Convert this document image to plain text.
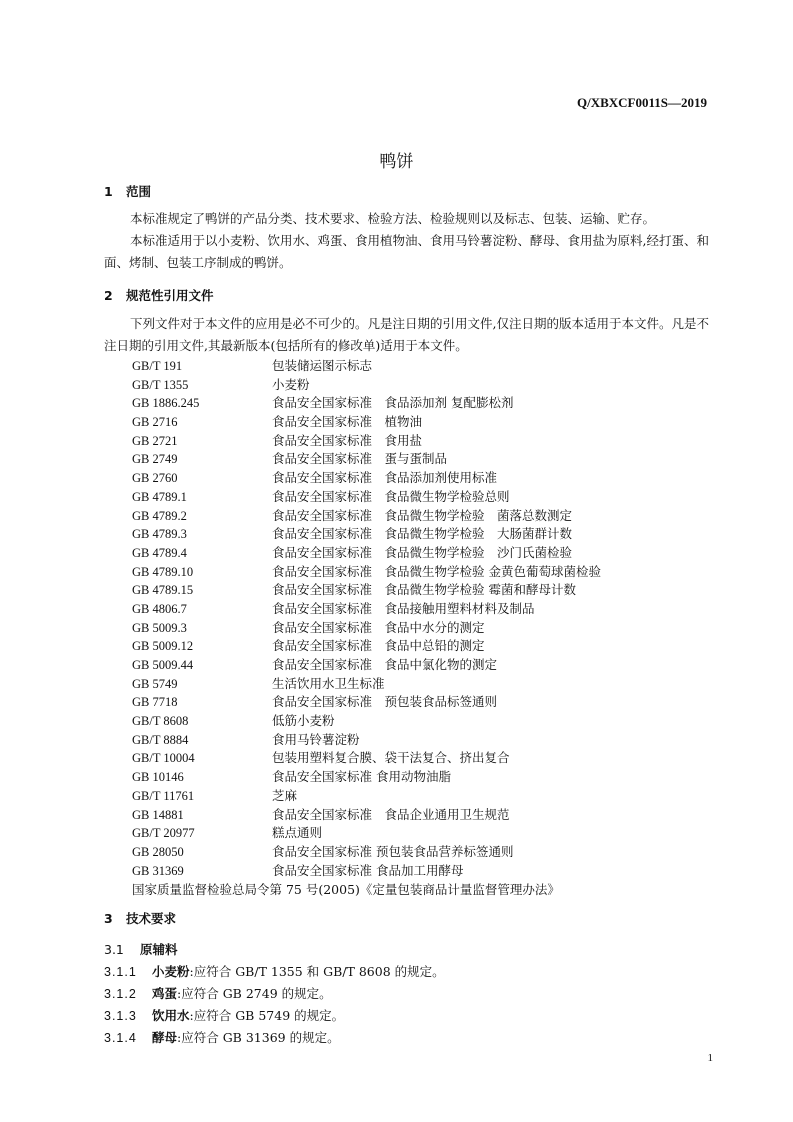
Q/XBXCF0011S—2019
鸭饼
1 范围
本标准规定了鸭饼的产品分类、技术要求、检验方法、检验规则以及标志、包装、运输、贮存。
本标准适用于以小麦粉、饮用水、鸡蛋、食用植物油、食用马铃薯淀粉、酵母、食用盐为原料,经打蛋、和面、烤制、包装工序制成的鸭饼。
2 规范性引用文件
下列文件对于本文件的应用是必不可少的。凡是注日期的引用文件,仅注日期的版本适用于本文件。凡是不注日期的引用文件,其最新版本(包括所有的修改单)适用于本文件。
GB/T 191	包装储运图示标志
GB/T 1355	小麦粉
GB 1886.245	食品安全国家标准　食品添加剂 复配膨松剂
GB 2716	食品安全国家标准　植物油
GB 2721	食品安全国家标准　食用盐
GB 2749	食品安全国家标准　蛋与蛋制品
GB 2760	食品安全国家标准　食品添加剂使用标准
GB 4789.1	食品安全国家标准　食品微生物学检验总则
GB 4789.2	食品安全国家标准　食品微生物学检验　菌落总数测定
GB 4789.3	食品安全国家标准　食品微生物学检验　大肠菌群计数
GB 4789.4	食品安全国家标准　食品微生物学检验　沙门氏菌检验
GB 4789.10	食品安全国家标准　食品微生物学检验 金黄色葡萄球菌检验
GB 4789.15	食品安全国家标准　食品微生物学检验 霉菌和酵母计数
GB 4806.7	食品安全国家标准　食品接触用塑料材料及制品
GB 5009.3	食品安全国家标准　食品中水分的测定
GB 5009.12	食品安全国家标准　食品中总铅的测定
GB 5009.44	食品安全国家标准　食品中氯化物的测定
GB 5749	生活饮用水卫生标准
GB 7718	食品安全国家标准　预包装食品标签通则
GB/T 8608	低筋小麦粉
GB/T 8884	食用马铃薯淀粉
GB/T 10004	包装用塑料复合膜、袋干法复合、挤出复合
GB 10146	食品安全国家标准 食用动物油脂
GB/T 11761	芝麻
GB 14881	食品安全国家标准　食品企业通用卫生规范
GB/T 20977	糕点通则
GB 28050	食品安全国家标准 预包装食品营养标签通则
GB 31369	食品安全国家标准 食品加工用酵母
国家质量监督检验总局令第 75 号(2005)《定量包装商品计量监督管理办法》
3 技术要求
3.1 原辅料
3.1.1 小麦粉:应符合 GB/T 1355 和 GB/T 8608 的规定。
3.1.2 鸡蛋:应符合 GB 2749 的规定。
3.1.3 饮用水:应符合 GB 5749 的规定。
3.1.4 酵母:应符合 GB 31369 的规定。
1
